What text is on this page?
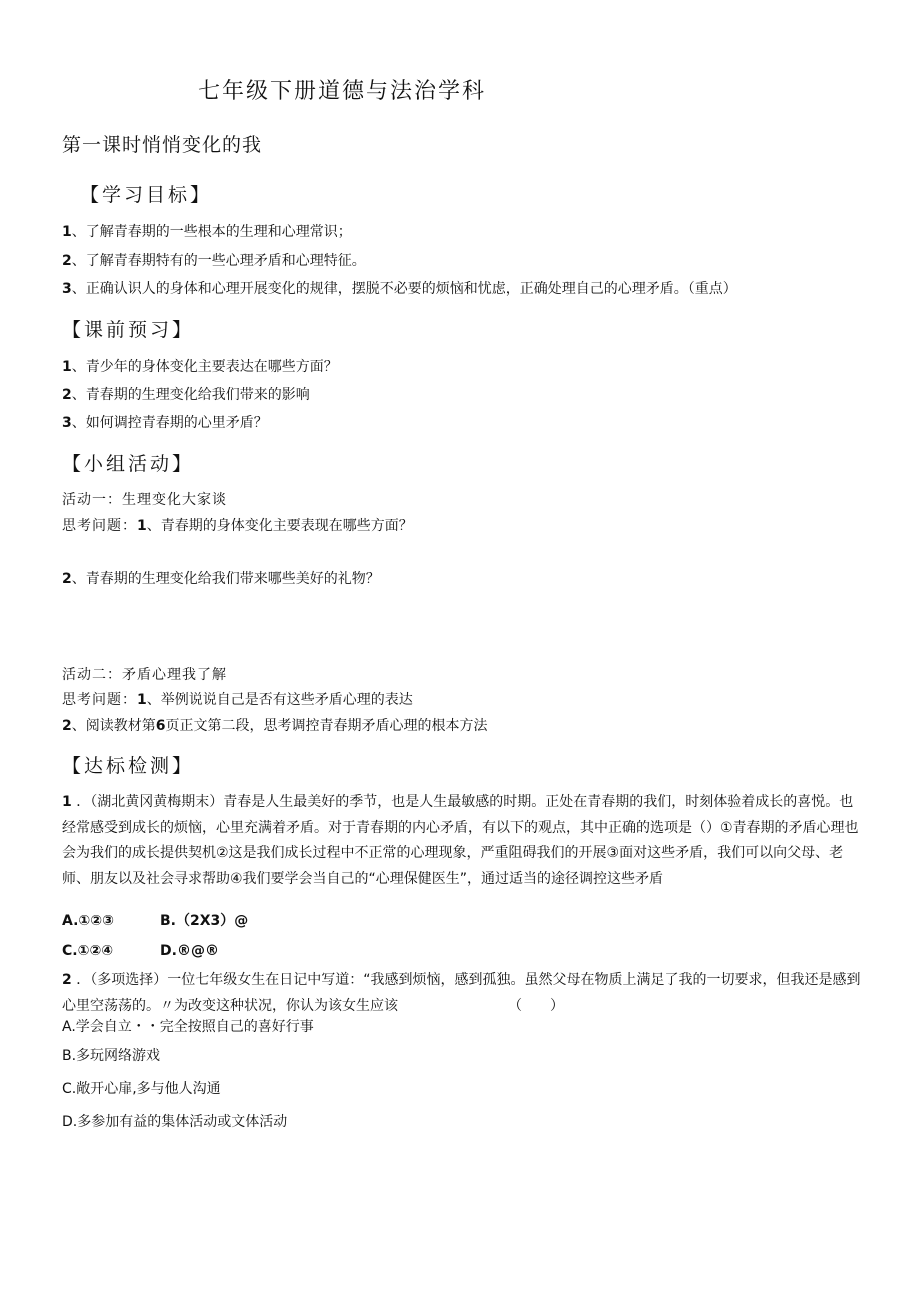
七年级下册道德与法治学科
第一课时悄悄变化的我
【学习目标】
1、了解青春期的一些根本的生理和心理常识；
2、了解青春期特有的一些心理矛盾和心理特征。
3、正确认识人的身体和心理开展变化的规律，摆脱不必要的烦恼和忧虑，正确处理自己的心理矛盾。（重点）
【课前预习】
1、青少年的身体变化主要表达在哪些方面？
2、青春期的生理变化给我们带来的影响
3、如何调控青春期的心里矛盾？
【小组活动】
活动一：生理变化大家谈
思考问题：1、青春期的身体变化主要表现在哪些方面？
2、青春期的生理变化给我们带来哪些美好的礼物？
活动二：矛盾心理我了解
思考问题：1、举例说说自己是否有这些矛盾心理的表达
2、阅读教材第6页正文第二段，思考调控青春期矛盾心理的根本方法
【达标检测】
1 ．（湖北黄冈黄梅期末）青春是人生最美好的季节，也是人生最敏感的时期。正处在青春期的我们，时刻体验着成长的喜悦。也经常感受到成长的烦恼，心里充满着矛盾。对于青春期的内心矛盾，有以下的观点，其中正确的选项是（）①青春期的矛盾心理也会为我们的成长提供契机②这是我们成长过程中不正常的心理现象，严重阻碍我们的开展③面对这些矛盾，我们可以向父母、老师、朋友以及社会寻求帮助④我们要学会当自己的“心理保健医生”，通过适当的途径调控这些矛盾
A.①②③	B.（2X3）@
C.①②④	D.®@®
2 ．（多项选择）一位七年级女生在日记中写道：“我感到烦恼，感到孤独。虽然父母在物质上满足了我的一切要求，但我还是感到心里空荡荡的。〃为改变这种状况，你认为该女生应该	（　　）
A.学会自立・・完全按照自己的喜好行事
B.多玩网络游戏
C.敞开心扉,多与他人沟通
D.多参加有益的集体活动或文体活动
